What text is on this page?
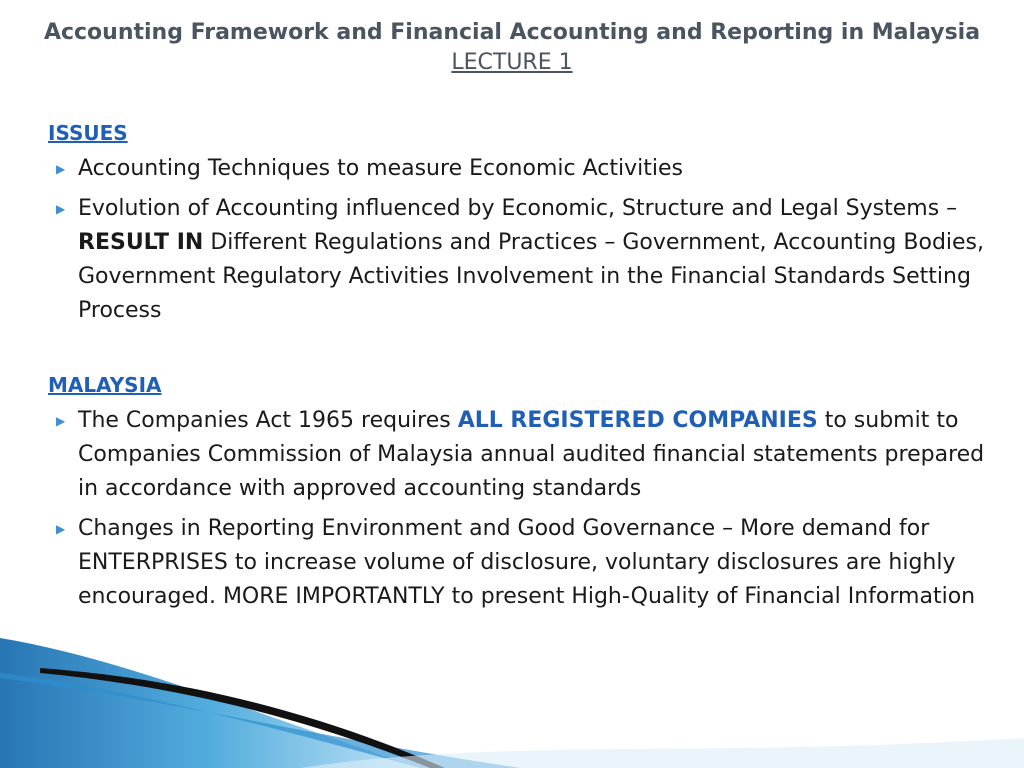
Accounting Framework and Financial Accounting and Reporting in Malaysia
LECTURE 1

ISSUES

▶ Accounting Techniques to measure Economic Activities
▶ Evolution of Accounting influenced by Economic, Structure and Legal Systems – RESULT IN Different Regulations and Practices – Government, Accounting Bodies, Government Regulatory Activities Involvement in the Financial Standards Setting Process

MALAYSIA

▶ The Companies Act 1965 requires ALL REGISTERED COMPANIES to submit to Companies Commission of Malaysia annual audited financial statements prepared in accordance with approved accounting standards
▶ Changes in Reporting Environment and Good Governance – More demand for ENTERPRISES to increase volume of disclosure, voluntary disclosures are highly encouraged. MORE IMPORTANTLY to present High-Quality of Financial Information
